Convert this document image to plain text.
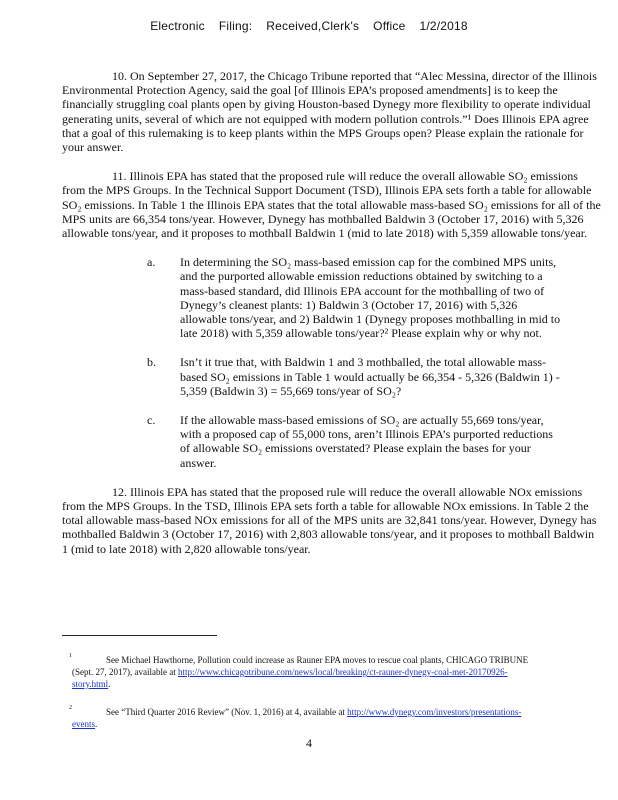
Electronic Filing: Received,Clerk's Office 1/2/2018

10. On September 27, 2017, the Chicago Tribune reported that “Alec Messina, director of the Illinois Environmental Protection Agency, said the goal [of Illinois EPA’s proposed amendments] is to keep the financially struggling coal plants open by giving Houston-based Dynegy more flexibility to operate individual generating units, several of which are not equipped with modern pollution controls.”¹ Does Illinois EPA agree that a goal of this rulemaking is to keep plants within the MPS Groups open? Please explain the rationale for your answer.

11. Illinois EPA has stated that the proposed rule will reduce the overall allowable SO₂ emissions from the MPS Groups. In the Technical Support Document (TSD), Illinois EPA sets forth a table for allowable SO₂ emissions. In Table 1 the Illinois EPA states that the total allowable mass-based SO₂ emissions for all of the MPS units are 66,354 tons/year. However, Dynegy has mothballed Baldwin 3 (October 17, 2016) with 5,326 allowable tons/year, and it proposes to mothball Baldwin 1 (mid to late 2018) with 5,359 allowable tons/year.

a. In determining the SO₂ mass-based emission cap for the combined MPS units, and the purported allowable emission reductions obtained by switching to a mass-based standard, did Illinois EPA account for the mothballing of two of Dynegy’s cleanest plants: 1) Baldwin 3 (October 17, 2016) with 5,326 allowable tons/year, and 2) Baldwin 1 (Dynegy proposes mothballing in mid to late 2018) with 5,359 allowable tons/year?² Please explain why or why not.

b. Isn’t it true that, with Baldwin 1 and 3 mothballed, the total allowable mass-based SO₂ emissions in Table 1 would actually be 66,354 - 5,326 (Baldwin 1) - 5,359 (Baldwin 3) = 55,669 tons/year of SO₂?

c. If the allowable mass-based emissions of SO₂ are actually 55,669 tons/year, with a proposed cap of 55,000 tons, aren’t Illinois EPA’s purported reductions of allowable SO₂ emissions overstated? Please explain the bases for your answer.

12. Illinois EPA has stated that the proposed rule will reduce the overall allowable NOx emissions from the MPS Groups. In the TSD, Illinois EPA sets forth a table for allowable NOx emissions. In Table 2 the total allowable mass-based NOx emissions for all of the MPS units are 32,841 tons/year. However, Dynegy has mothballed Baldwin 3 (October 17, 2016) with 2,803 allowable tons/year, and it proposes to mothball Baldwin 1 (mid to late 2018) with 2,820 allowable tons/year.

1	See Michael Hawthorne, Pollution could increase as Rauner EPA moves to rescue coal plants, CHICAGO TRIBUNE (Sept. 27, 2017), available at http://www.chicagotribune.com/news/local/breaking/ct-rauner-dynegy-coal-met-20170926-story.html.
2	See “Third Quarter 2016 Review” (Nov. 1, 2016) at 4, available at http://www.dynegy.com/investors/presentations-events.
4
